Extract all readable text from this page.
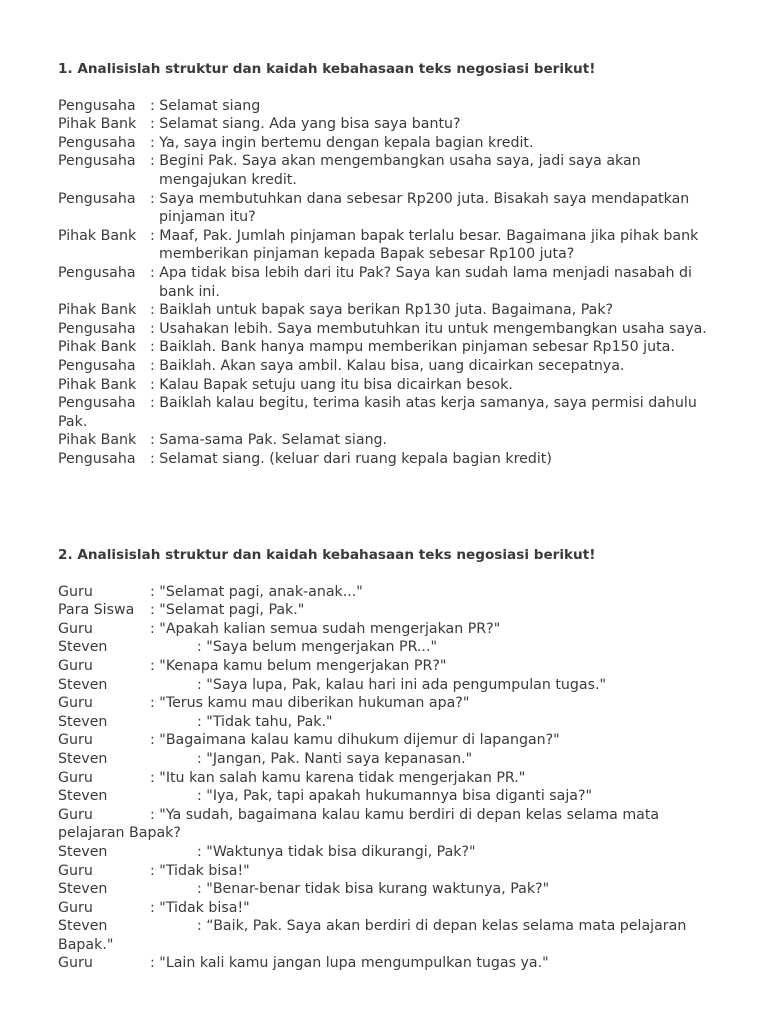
1. Analisislah struktur dan kaidah kebahasaan teks negosiasi berikut!
Pengusaha	: Selamat siang
Pihak Bank : Selamat siang. Ada yang bisa saya bantu?
Pengusaha	: Ya, saya ingin bertemu dengan kepala bagian kredit.
Pengusaha	: Begini Pak. Saya akan mengembangkan usaha saya, jadi saya akan
mengajukan kredit.
Pengusaha	: Saya membutuhkan dana sebesar Rp200 juta. Bisakah saya mendapatkan
pinjaman itu?
Pihak Bank : Maaf, Pak. Jumlah pinjaman bapak terlalu besar. Bagaimana jika pihak bank
memberikan pinjaman kepada Bapak sebesar Rp100 juta?
Pengusaha	: Apa tidak bisa lebih dari itu Pak? Saya kan sudah lama menjadi nasabah di
bank ini.
Pihak Bank : Baiklah untuk bapak saya berikan Rp130 juta. Bagaimana, Pak?
Pengusaha	: Usahakan lebih. Saya membutuhkan itu untuk mengembangkan usaha saya.
Pihak Bank : Baiklah. Bank hanya mampu memberikan pinjaman sebesar Rp150 juta.
Pengusaha	: Baiklah. Akan saya ambil. Kalau bisa, uang dicairkan secepatnya.
Pihak Bank : Kalau Bapak setuju uang itu bisa dicairkan besok.
Pengusaha	: Baiklah kalau begitu, terima kasih atas kerja samanya, saya permisi dahulu
Pak.
Pihak Bank : Sama-sama Pak. Selamat siang.
Pengusaha	: Selamat siang. (keluar dari ruang kepala bagian kredit)
2. Analisislah struktur dan kaidah kebahasaan teks negosiasi berikut!
Guru	: "Selamat pagi, anak-anak..."
Para Siswa	: "Selamat pagi, Pak."
Guru	: "Apakah kalian semua sudah mengerjakan PR?"
Steven	: "Saya belum mengerjakan PR..."
Guru	: "Kenapa kamu belum mengerjakan PR?"
Steven	: "Saya lupa, Pak, kalau hari ini ada pengumpulan tugas."
Guru	: "Terus kamu mau diberikan hukuman apa?"
Steven	: "Tidak tahu, Pak."
Guru	: "Bagaimana kalau kamu dihukum dijemur di lapangan?"
Steven	: "Jangan, Pak. Nanti saya kepanasan."
Guru	: "Itu kan salah kamu karena tidak mengerjakan PR."
Steven	: "Iya, Pak, tapi apakah hukumannya bisa diganti saja?"
Guru	: "Ya sudah, bagaimana kalau kamu berdiri di depan kelas selama mata
pelajaran Bapak?
Steven	: "Waktunya tidak bisa dikurangi, Pak?"
Guru	: "Tidak bisa!"
Steven	: "Benar-benar tidak bisa kurang waktunya, Pak?"
Guru	: "Tidak bisa!"
Steven	: “Baik, Pak. Saya akan berdiri di depan kelas selama mata pelajaran
Bapak."
Guru	: "Lain kali kamu jangan lupa mengumpulkan tugas ya."
